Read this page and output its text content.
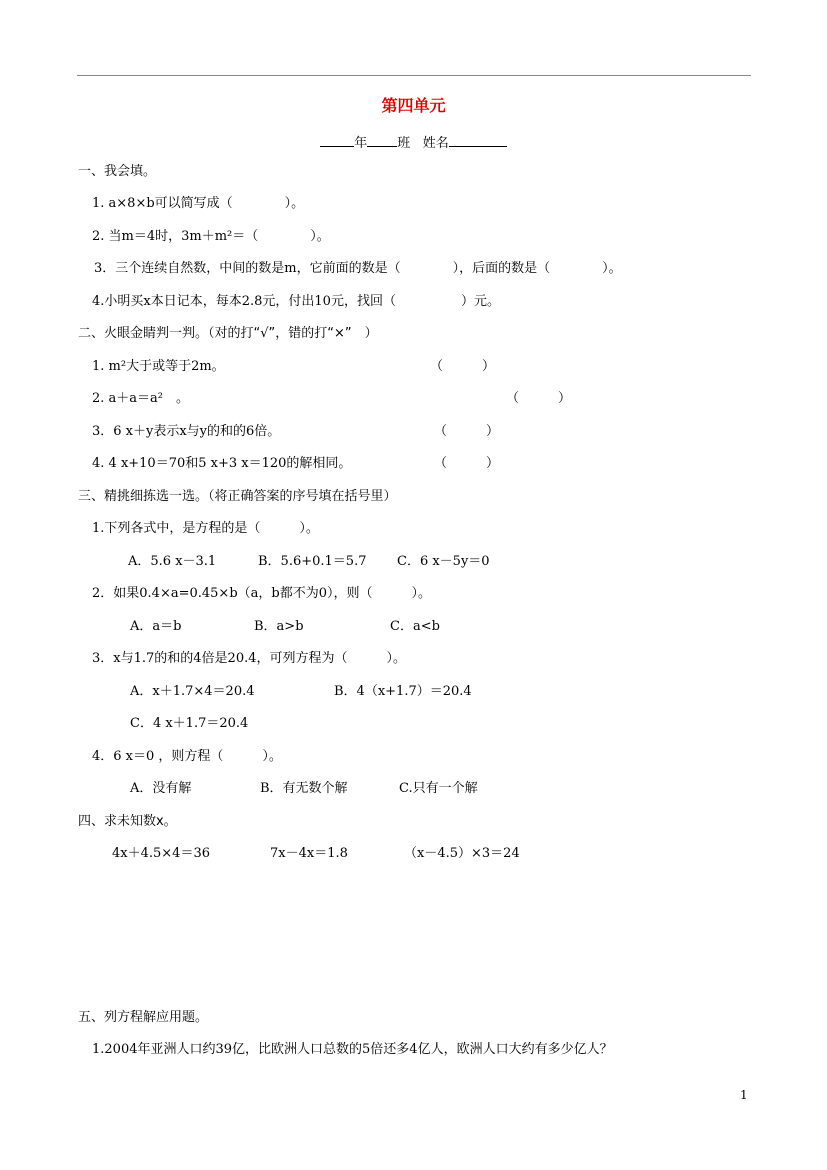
第四单元
年 班 姓名
一、我会填。
1. a×8×b可以简写成（　　　　）。
2. 当m＝4时，3m＋m²＝（　　　　）。
3．三个连续自然数，中间的数是m，它前面的数是（　　　　），后面的数是（　　　　）。
4.小明买x本日记本，每本2.8元，付出10元，找回（　　　　　）元。
二、火眼金睛判一判。（对的打“√”，错的打“×”　）
1. m²大于或等于2m。	（　　　）
2. a＋a＝a²　。	（　　　）
3．6 x＋y表示x与y的和的6倍。	（　　　）
4. 4 x+10＝70和5 x+3 x＝120的解相同。	（　　　）
三、精挑细拣选一选。（将正确答案的序号填在括号里）
1.下列各式中，是方程的是（　　　）。
A．5.6 x－3.1	B．5.6+0.1＝5.7 C．6 x－5y＝0
2．如果0.4×a=0.45×b（a，b都不为0），则（　　　）。
A．a＝b	B．a>b	C．a<b
3．x与1.7的和的4倍是20.4，可列方程为（　　　）。
A．x＋1.7×4＝20.4	B．4（x+1.7）＝20.4
C．4 x＋1.7＝20.4
4．6 x＝0 ，则方程（　　　）。
A．没有解	B．有无数个解	C.只有一个解
四、求未知数x。
4x＋4.5×4＝36	7x－4x＝1.8	（x－4.5）×3＝24
五、列方程解应用题。
1.2004年亚洲人口约39亿，比欧洲人口总数的5倍还多4亿人，欧洲人口大约有多少亿人？
1
